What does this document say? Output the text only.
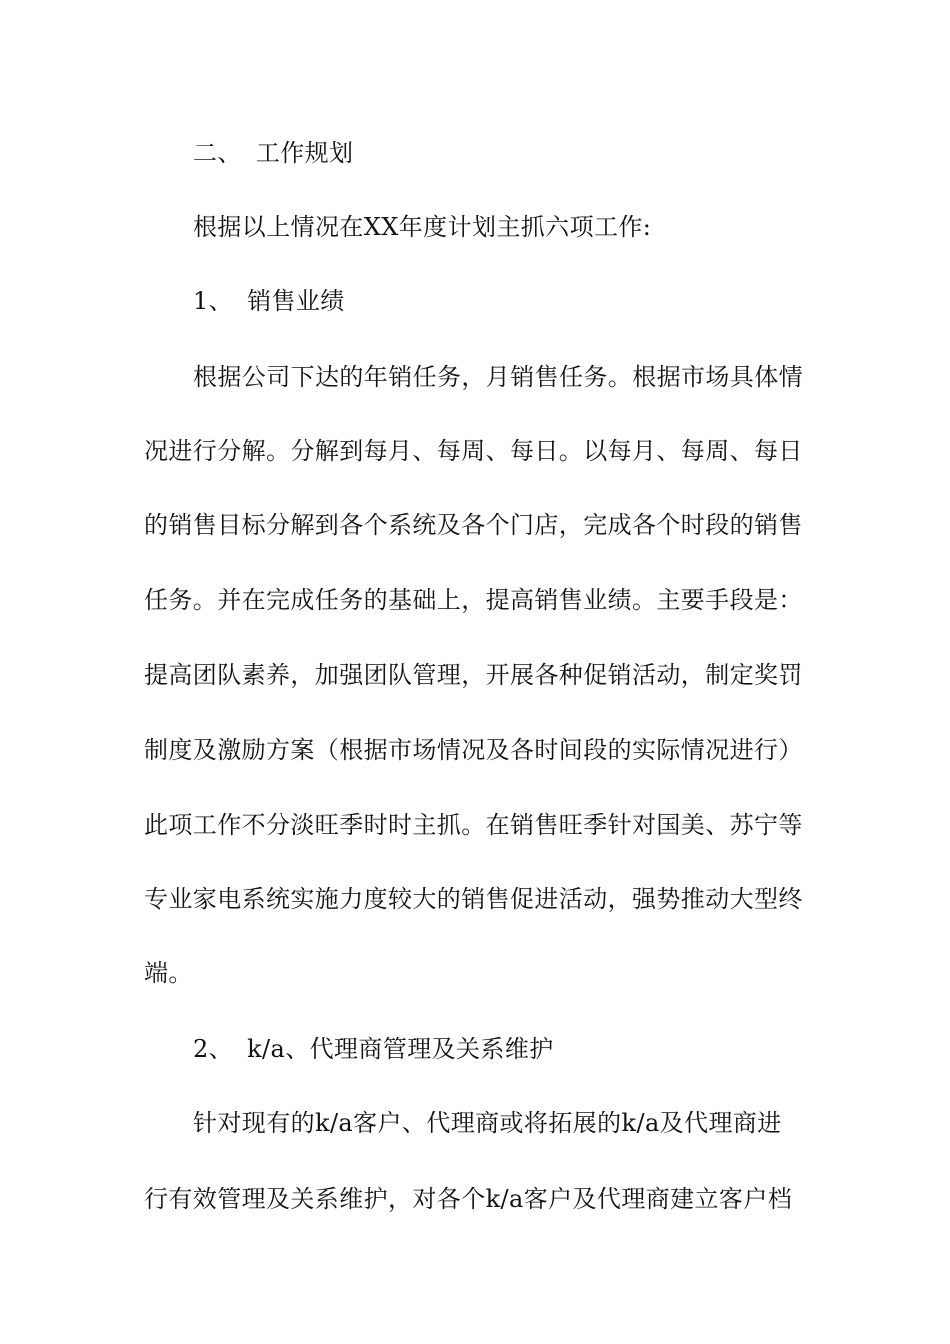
二、 工作规划
根据以上情况在XX年度计划主抓六项工作:
1、 销售业绩
根据公司下达的年销任务，月销售任务。根据市场具体情
况进行分解。分解到每月、每周、每日。以每月、每周、每日
的销售目标分解到各个系统及各个门店，完成各个时段的销售
任务。并在完成任务的基础上，提高销售业绩。主要手段是：
提高团队素养，加强团队管理，开展各种促销活动，制定奖罚
制度及激励方案（根据市场情况及各时间段的实际情况进行）
此项工作不分淡旺季时时主抓。在销售旺季针对国美、苏宁等
专业家电系统实施力度较大的销售促进活动，强势推动大型终
端。
2、 k/a、代理商管理及关系维护
针对现有的k/a客户、代理商或将拓展的k/a及代理商进
行有效管理及关系维护，对各个k/a客户及代理商建立客户档
